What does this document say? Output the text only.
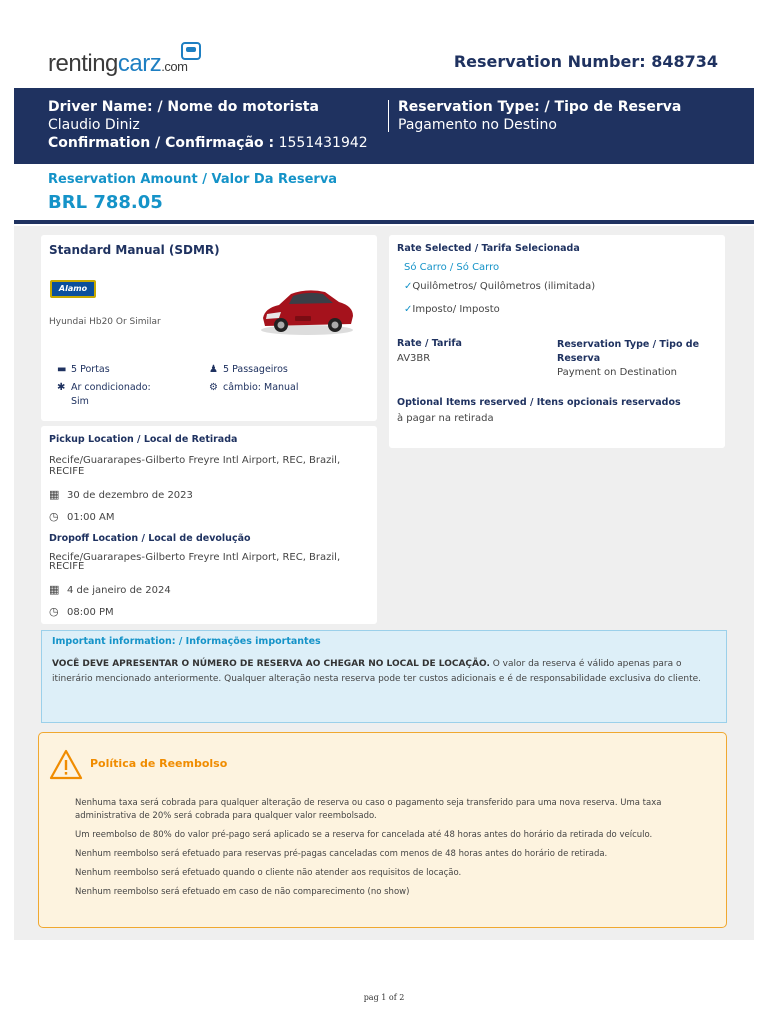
rentingcarz.com	Reservation Number: 848734
Driver Name: / Nome do motorista
Claudio Diniz
Confirmation / Confirmação : 1551431942
Reservation Type: / Tipo de Reserva
Pagamento no Destino
Reservation Amount / Valor Da Reserva
BRL 788.05
Standard Manual (SDMR)
Alamo
Hyundai Hb20 Or Similar
▬ 5 Portas
✱ Ar condicionado: Sim
♟ 5 Passageiros
⚙ câmbio: Manual
Pickup Location / Local de Retirada
Recife/Guararapes-Gilberto Freyre Intl Airport, REC, Brazil, RECIFE
▦ 30 de dezembro de 2023
◷ 01:00 AM
Dropoff Location / Local de devolução
Recife/Guararapes-Gilberto Freyre Intl Airport, REC, Brazil, RECIFE
▦ 4 de janeiro de 2024
◷ 08:00 PM
Rate Selected / Tarifa Selecionada
Só Carro / Só Carro
✓Quilômetros/ Quilômetros (ilimitada)
✓Imposto/ Imposto
Rate / Tarifa
AV3BR
Reservation Type / Tipo de Reserva
Payment on Destination
Optional Items reserved / Itens opcionais reservados
à pagar na retirada
Important information: / Informações importantes
VOCÊ DEVE APRESENTAR O NÚMERO DE RESERVA AO CHEGAR NO LOCAL DE LOCAÇÃO. O valor da reserva é válido apenas para o itinerário mencionado anteriormente. Qualquer alteração nesta reserva pode ter custos adicionais e é de responsabilidade exclusiva do cliente.
Política de Reembolso
Nenhuma taxa será cobrada para qualquer alteração de reserva ou caso o pagamento seja transferido para uma nova reserva. Uma taxa administrativa de 20% será cobrada para qualquer valor reembolsado.
Um reembolso de 80% do valor pré-pago será aplicado se a reserva for cancelada até 48 horas antes do horário da retirada do veículo.
Nenhum reembolso será efetuado para reservas pré-pagas canceladas com menos de 48 horas antes do horário de retirada.
Nenhum reembolso será efetuado quando o cliente não atender aos requisitos de locação.
Nenhum reembolso será efetuado em caso de não comparecimento (no show)
pag 1 of 2
